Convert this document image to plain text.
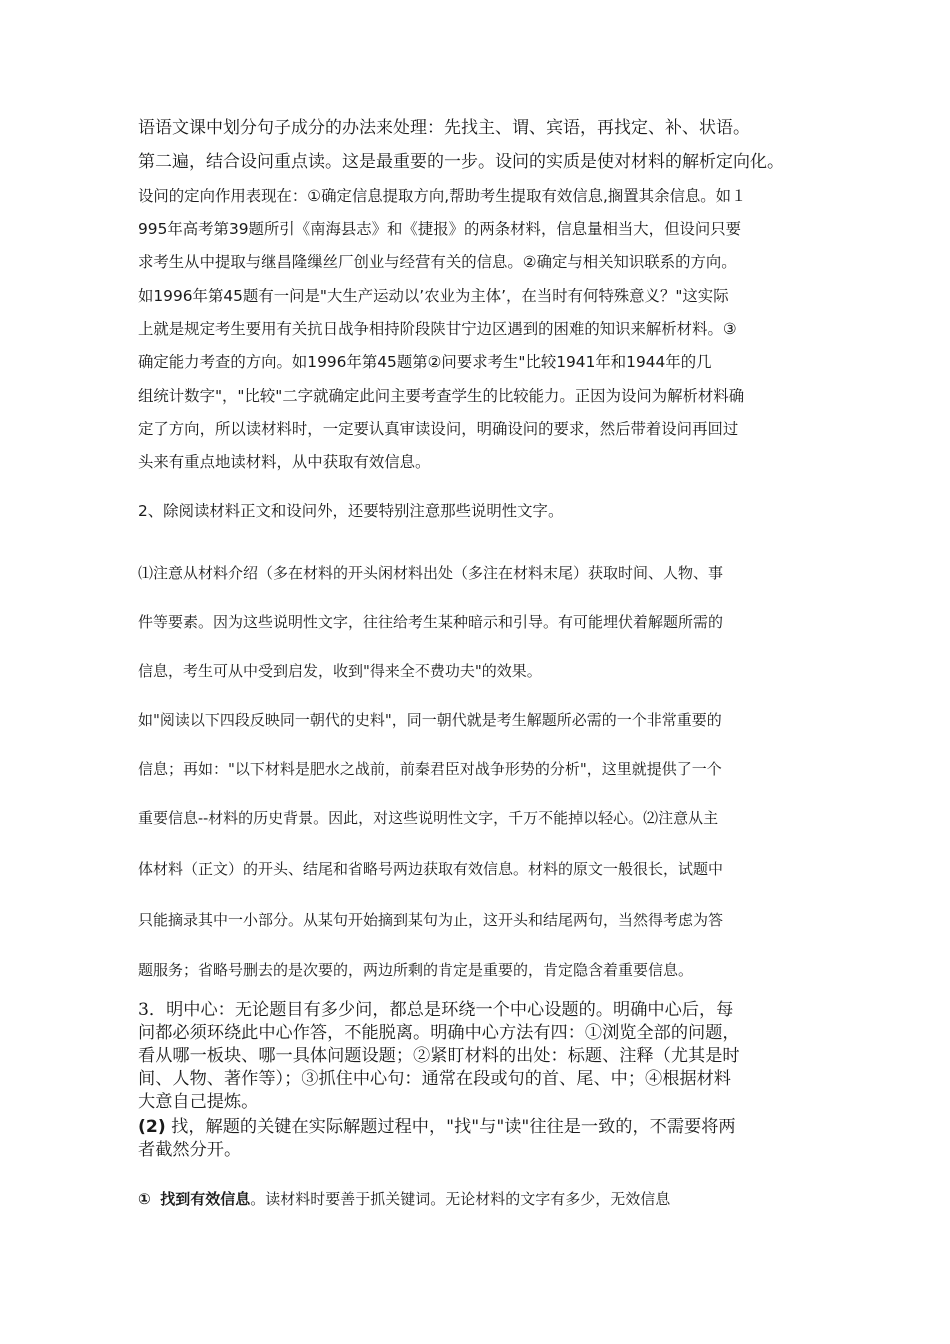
语语文课中划分句子成分的办法来处理：先找主、谓、宾语，再找定、补、状语。

第二遍，结合设问重点读。这是最重要的一步。设问的实质是使对材料的解析定向化。

设问的定向作用表现在：①确定信息提取方向,帮助考生提取有效信息,搁置其余信息。如１

995年高考第39题所引《南海县志》和《捷报》的两条材料，信息量相当大，但设问只要

求考生从中提取与继昌隆缫丝厂创业与经营有关的信息。②确定与相关知识联系的方向。

如1996年第45题有一问是"大生产运动以’农业为主体’，在当时有何特殊意义？"这实际

上就是规定考生要用有关抗日战争相持阶段陕甘宁边区遇到的困难的知识来解析材料。③

确定能力考查的方向。如1996年第45题第②问要求考生"比较1941年和1944年的几

组统计数字"，"比较"二字就确定此问主要考查学生的比较能力。正因为设问为解析材料确

定了方向，所以读材料时，一定要认真审读设问，明确设问的要求，然后带着设问再回过

头来有重点地读材料，从中获取有效信息。

2、除阅读材料正文和设问外，还要特别注意那些说明性文字。

⑴注意从材料介绍（多在材料的开头闲材料出处（多注在材料末尾）获取时间、人物、事

件等要素。因为这些说明性文字，往往给考生某种暗示和引导。有可能埋伏着解题所需的

信息，考生可从中受到启发，收到"得来全不费功夫"的效果。

如"阅读以下四段反映同一朝代的史料"，同一朝代就是考生解题所必需的一个非常重要的

信息；再如："以下材料是肥水之战前，前秦君臣对战争形势的分析"，这里就提供了一个

重要信息--材料的历史背景。因此，对这些说明性文字，千万不能掉以轻心。⑵注意从主

体材料（正文）的开头、结尾和省略号两边获取有效信息。材料的原文一般很长，试题中

只能摘录其中一小部分。从某句开始摘到某句为止，这开头和结尾两句，当然得考虑为答

题服务；省略号删去的是次要的，两边所剩的肯定是重要的，肯定隐含着重要信息。

3．明中心：无论题目有多少问，都总是环绕一个中心设题的。明确中心后，每

问都必须环绕此中心作答，不能脱离。明确中心方法有四：①浏览全部的问题，

看从哪一板块、哪一具体问题设题；②紧盯材料的出处：标题、注释（尤其是时

间、人物、著作等）；③抓住中心句：通常在段或句的首、尾、中；④根据材料

大意自己提炼。

(2) 找，解题的关键在实际解题过程中，"找"与"读"往往是一致的，不需要将两

者截然分开。

① 找到有效信息。读材料时要善于抓关键词。无论材料的文字有多少，无效信息
